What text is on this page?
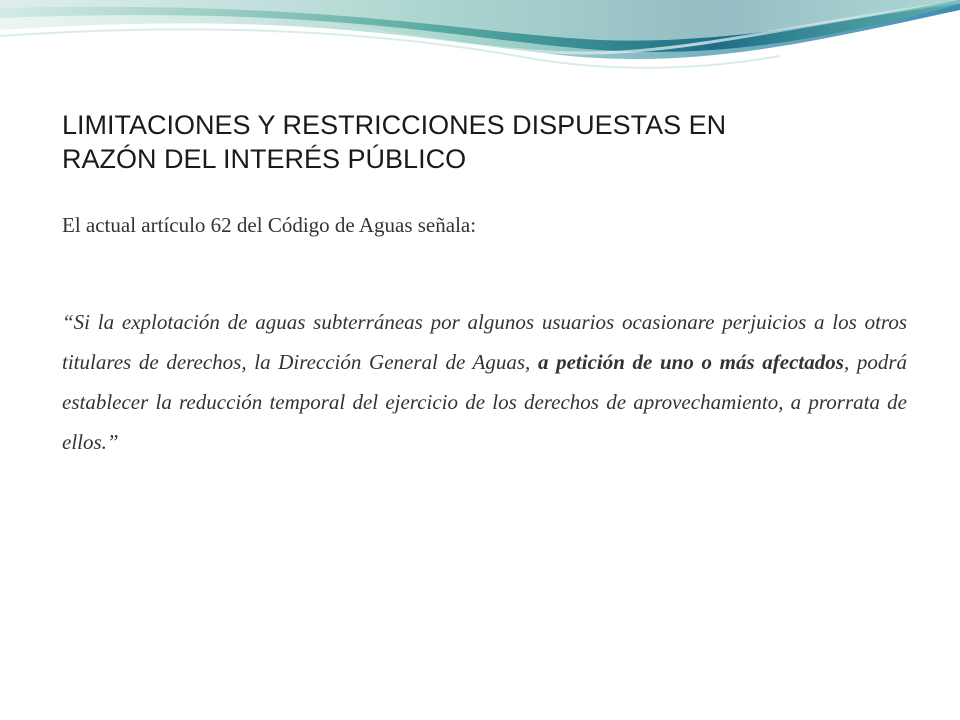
LIMITACIONES Y RESTRICCIONES DISPUESTAS EN
RAZÓN DEL INTERÉS PÚBLICO

El actual artículo 62 del Código de Aguas señala:

“Si la explotación de aguas subterráneas por algunos usuarios ocasionare perjuicios a los otros titulares de derechos, la Dirección General de Aguas, a petición de uno o más afectados, podrá establecer la reducción temporal del ejercicio de los derechos de aprovechamiento, a prorrata de ellos.”
